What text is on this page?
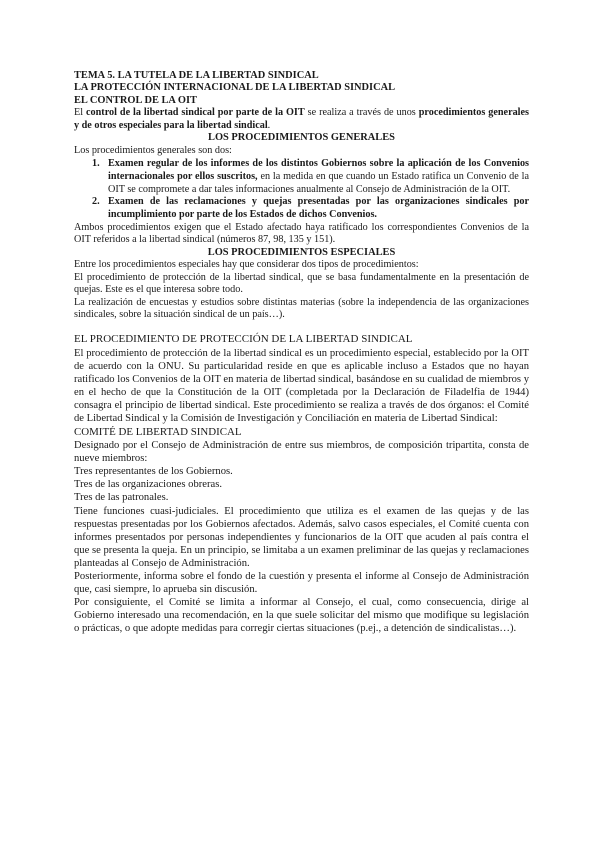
TEMA 5. LA TUTELA DE LA LIBERTAD SINDICAL
LA PROTECCIÓN INTERNACIONAL DE LA LIBERTAD SINDICAL
EL CONTROL DE LA OIT

El control de la libertad sindical por parte de la OIT se realiza a través de unos procedimientos generales y de otros especiales para la libertad sindical.

LOS PROCEDIMIENTOS GENERALES

Los procedimientos generales son dos:

1. Examen regular de los informes de los distintos Gobiernos sobre la aplicación de los Convenios internacionales por ellos suscritos, en la medida en que cuando un Estado ratifica un Convenio de la OIT se compromete a dar tales informaciones anualmente al Consejo de Administración de la OIT.
2. Examen de las reclamaciones y quejas presentadas por las organizaciones sindicales por incumplimiento por parte de los Estados de dichos Convenios.

Ambos procedimientos exigen que el Estado afectado haya ratificado los correspondientes Convenios de la OIT referidos a la libertad sindical (números 87, 98, 135 y 151).

LOS PROCEDIMIENTOS ESPECIALES

Entre los procedimientos especiales hay que considerar dos tipos de procedimientos:

El procedimiento de protección de la libertad sindical, que se basa fundamentalmente en la presentación de quejas. Este es el que interesa sobre todo.

La realización de encuestas y estudios sobre distintas materias (sobre la independencia de las organizaciones sindicales, sobre la situación sindical de un país…).

EL PROCEDIMIENTO DE PROTECCIÓN DE LA LIBERTAD SINDICAL

El procedimiento de protección de la libertad sindical es un procedimiento especial, establecido por la OIT de acuerdo con la ONU. Su particularidad reside en que es aplicable incluso a Estados que no hayan ratificado los Convenios de la OIT en materia de libertad sindical, basándose en su cualidad de miembros y en el hecho de que la Constitución de la OIT (completada por la Declaración de Filadelfia de 1944) consagra el principio de libertad sindical. Este procedimiento se realiza a través de dos órganos: el Comité de Libertad Sindical y la Comisión de Investigación y Conciliación en materia de Libertad Sindical:

COMITÉ DE LIBERTAD SINDICAL

Designado por el Consejo de Administración de entre sus miembros, de composición tripartita, consta de nueve miembros:

Tres representantes de los Gobiernos.
Tres de las organizaciones obreras.
Tres de las patronales.

Tiene funciones cuasi-judiciales. El procedimiento que utiliza es el examen de las quejas y de las respuestas presentadas por los Gobiernos afectados. Además, salvo casos especiales, el Comité cuenta con informes presentados por personas independientes y funcionarios de la OIT que acuden al país contra el que se presenta la queja. En un principio, se limitaba a un examen preliminar de las quejas y reclamaciones planteadas al Consejo de Administración.

Posteriormente, informa sobre el fondo de la cuestión y presenta el informe al Consejo de Administración que, casi siempre, lo aprueba sin discusión.

Por consiguiente, el Comité se limita a informar al Consejo, el cual, como consecuencia, dirige al Gobierno interesado una recomendación, en la que suele solicitar del mismo que modifique su legislación o prácticas, o que adopte medidas para corregir ciertas situaciones (p.ej., a detención de sindicalistas…).
